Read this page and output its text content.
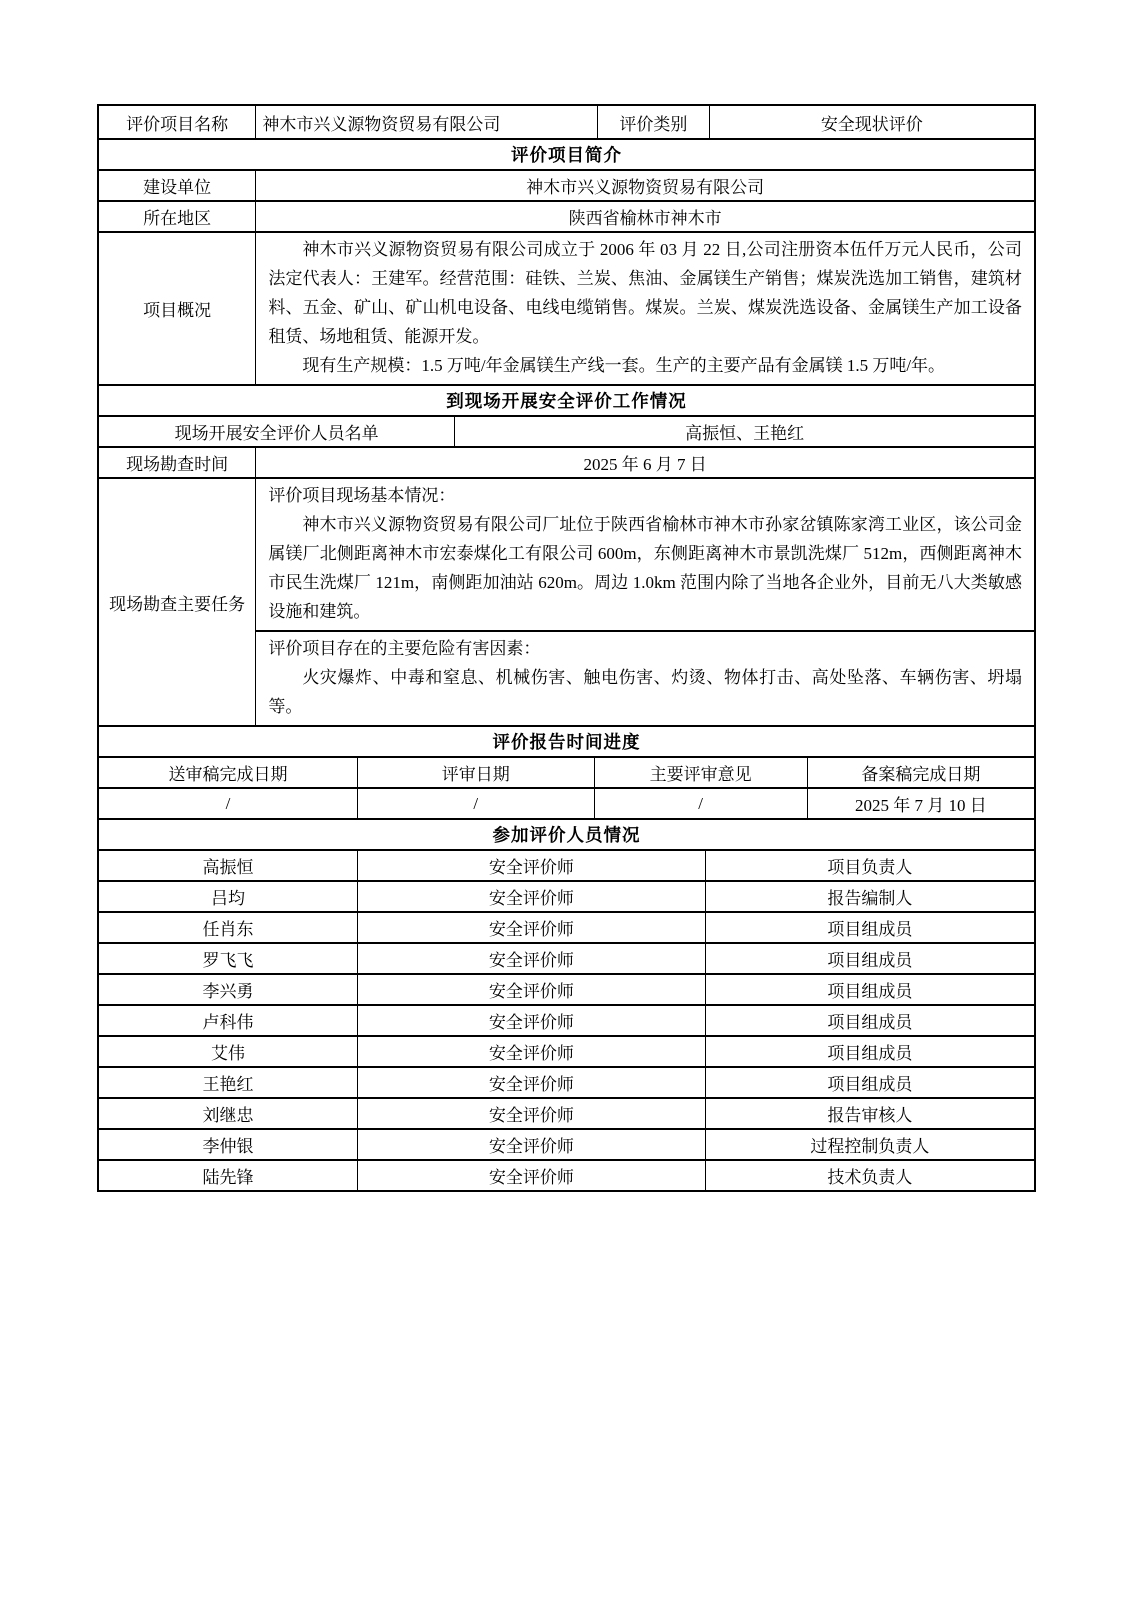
评价项目名称	神木市兴义源物资贸易有限公司	评价类别	安全现状评价
评价项目简介
建设单位	神木市兴义源物资贸易有限公司
所在地区	陕西省榆林市神木市
项目概况
神木市兴义源物资贸易有限公司成立于 2006 年 03 月 22 日,公司注册资本伍仟万元人民币，公司法定代表人：王建军。经营范围：硅铁、兰炭、焦油、金属镁生产销售；煤炭洗选加工销售，建筑材料、五金、矿山、矿山机电设备、电线电缆销售。煤炭。兰炭、煤炭洗选设备、金属镁生产加工设备租赁、场地租赁、能源开发。
现有生产规模：1.5 万吨/年金属镁生产线一套。生产的主要产品有金属镁 1.5 万吨/年。
到现场开展安全评价工作情况
现场开展安全评价人员名单	高振恒、王艳红
现场勘查时间	2025 年 6 月 7 日
现场勘查主要任务
评价项目现场基本情况：
神木市兴义源物资贸易有限公司厂址位于陕西省榆林市神木市孙家岔镇陈家湾工业区，该公司金属镁厂北侧距离神木市宏泰煤化工有限公司 600m，东侧距离神木市景凯洗煤厂 512m，西侧距离神木市民生洗煤厂 121m，南侧距加油站 620m。周边 1.0km 范围内除了当地各企业外，目前无八大类敏感设施和建筑。
评价项目存在的主要危险有害因素：
火灾爆炸、中毒和窒息、机械伤害、触电伤害、灼烫、物体打击、高处坠落、车辆伤害、坍塌等。
评价报告时间进度
送审稿完成日期	评审日期	主要评审意见	备案稿完成日期
/	/	/	2025 年 7 月 10 日
参加评价人员情况
高振恒	安全评价师	项目负责人
吕均	安全评价师	报告编制人
任肖东	安全评价师	项目组成员
罗飞飞	安全评价师	项目组成员
李兴勇	安全评价师	项目组成员
卢科伟	安全评价师	项目组成员
艾伟	安全评价师	项目组成员
王艳红	安全评价师	项目组成员
刘继忠	安全评价师	报告审核人
李仲银	安全评价师	过程控制负责人
陆先锋	安全评价师	技术负责人
